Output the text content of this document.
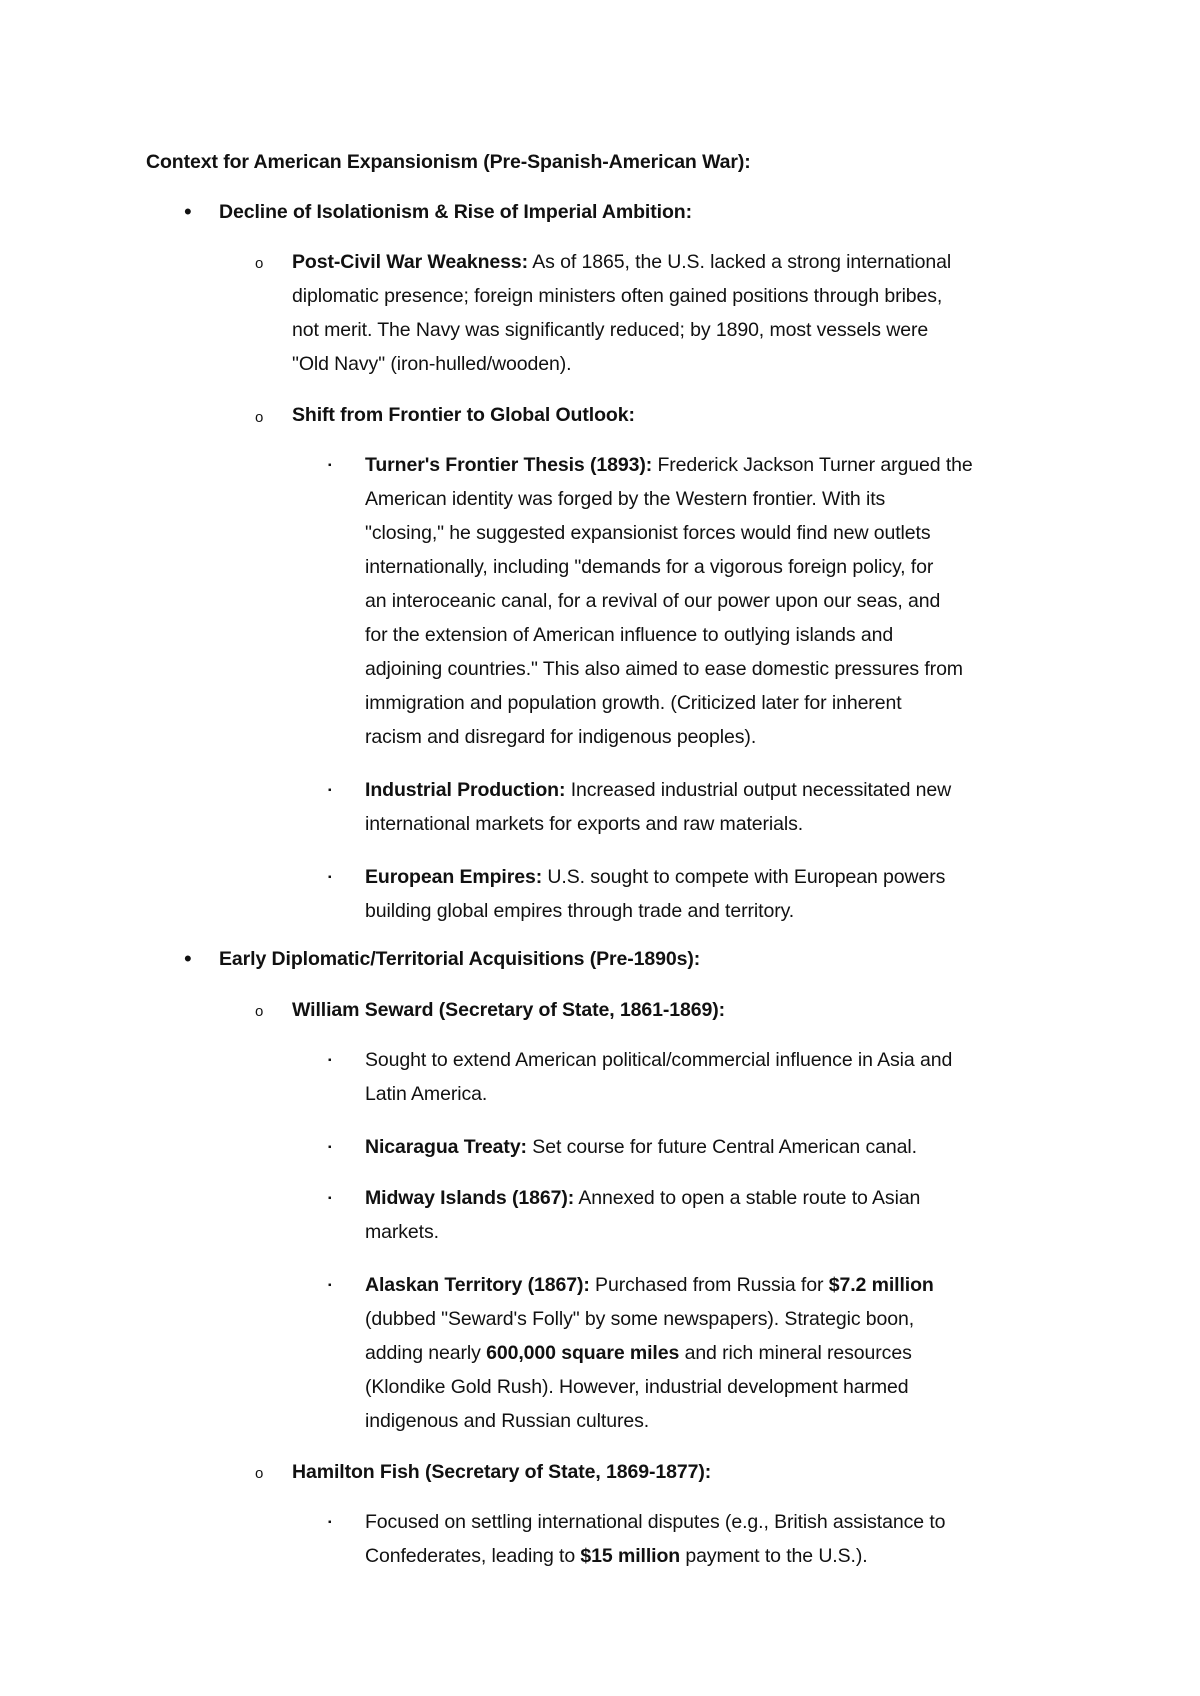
Context for American Expansionism (Pre-Spanish-American War):

• Decline of Isolationism & Rise of Imperial Ambition:

o Post-Civil War Weakness: As of 1865, the U.S. lacked a strong international

diplomatic presence; foreign ministers often gained positions through bribes,

not merit. The Navy was significantly reduced; by 1890, most vessels were

"Old Navy" (iron-hulled/wooden).

o Shift from Frontier to Global Outlook:

▪ Turner's Frontier Thesis (1893): Frederick Jackson Turner argued the

American identity was forged by the Western frontier. With its

"closing," he suggested expansionist forces would find new outlets

internationally, including "demands for a vigorous foreign policy, for

an interoceanic canal, for a revival of our power upon our seas, and

for the extension of American influence to outlying islands and

adjoining countries." This also aimed to ease domestic pressures from

immigration and population growth. (Criticized later for inherent

racism and disregard for indigenous peoples).

▪ Industrial Production: Increased industrial output necessitated new

international markets for exports and raw materials.

▪ European Empires: U.S. sought to compete with European powers

building global empires through trade and territory.

• Early Diplomatic/Territorial Acquisitions (Pre-1890s):

o William Seward (Secretary of State, 1861-1869):

▪ Sought to extend American political/commercial influence in Asia and

Latin America.

▪ Nicaragua Treaty: Set course for future Central American canal.

▪ Midway Islands (1867): Annexed to open a stable route to Asian

markets.

▪ Alaskan Territory (1867): Purchased from Russia for $7.2 million

(dubbed "Seward's Folly" by some newspapers). Strategic boon,

adding nearly 600,000 square miles and rich mineral resources

(Klondike Gold Rush). However, industrial development harmed

indigenous and Russian cultures.

o Hamilton Fish (Secretary of State, 1869-1877):

▪ Focused on settling international disputes (e.g., British assistance to

Confederates, leading to $15 million payment to the U.S.).
